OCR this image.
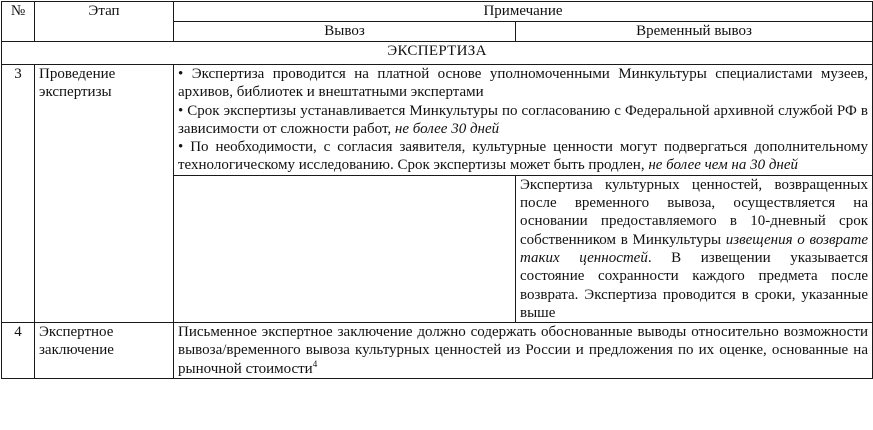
№	Этап	Примечание	
		Вывоз	Временный вывоз
ЭКСПЕРТИЗА			
3	Проведение экспертизы	• Экспертиза проводится на платной основе уполномоченными Минкультуры специалистами музеев, архивов, библиотек и внештатными экспертами
• Срок экспертизы устанавливается Минкультуры по согласованию с Федеральной архивной службой РФ в зависимости от сложности работ, не более 30 дней
• По необходимости, с согласия заявителя, культурные ценности могут подвергаться дополнительному технологическому исследованию. Срок экспертизы может быть продлен, не более чем на 30 дней	

			Экспертиза культурных ценностей, возвращенных после временного вывоза, осуществляется на основании предоставляемого в 10-дневный срок собственником в Минкультуры извещения о возврате таких ценностей. В извещении указывается состояние сохранности каждого предмета после возврата. Экспертиза проводится в сроки, указанные выше
4	Экспертное заключение	Письменное экспертное заключение должно содержать обоснованные выводы относительно возможности вывоза/временного вывоза культурных ценностей из России и предложения по их оценке, основанные на рыночной стоимости$^4$
